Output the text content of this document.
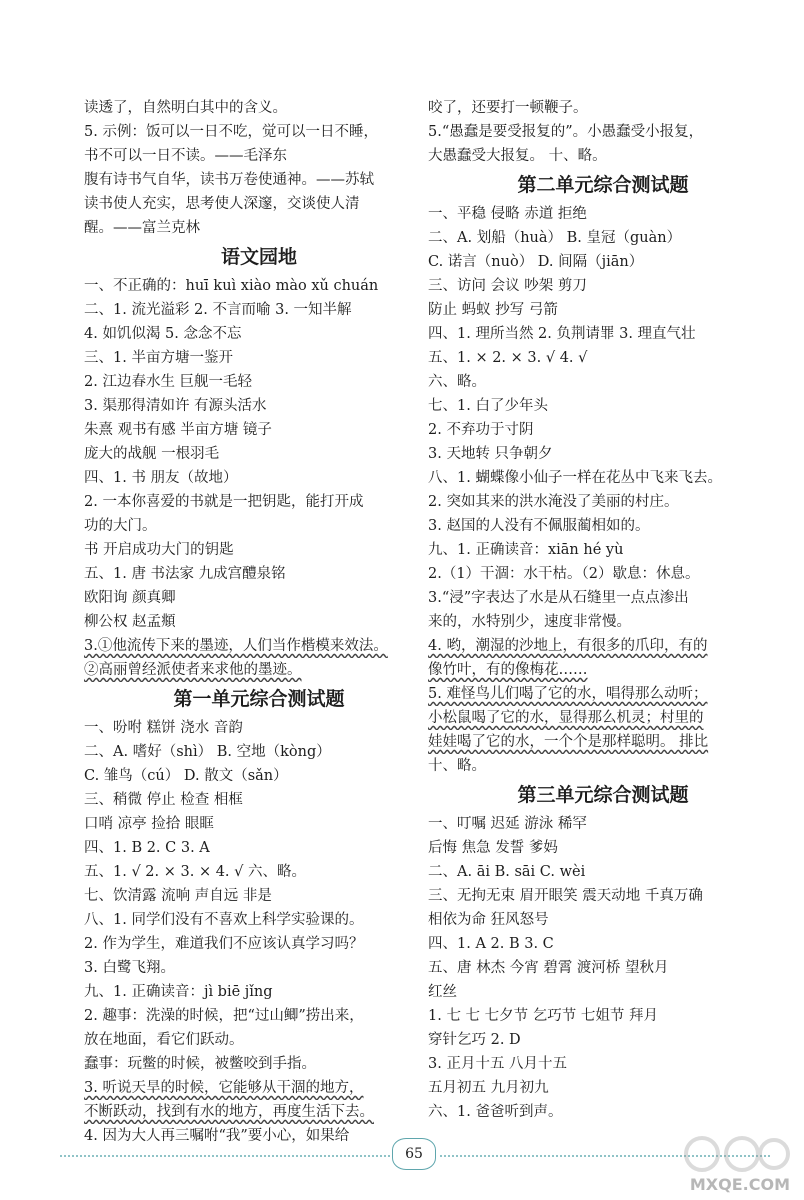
读透了，自然明白其中的含义。
5. 示例：饭可以一日不吃，觉可以一日不睡，
书不可以一日不读。——毛泽东
腹有诗书气自华，读书万卷使通神。——苏轼
读书使人充实，思考使人深邃，交谈使人清
醒。——富兰克林
语文园地
一、不正确的：huī kuì xiào mào xǔ chuán
二、1. 流光溢彩 2. 不言而喻 3. 一知半解
4. 如饥似渴 5. 念念不忘
三、1. 半亩方塘一鉴开
2. 江边春水生 巨舰一毛轻
3. 渠那得清如许 有源头活水
朱熹 观书有感 半亩方塘 镜子
庞大的战舰 一根羽毛
四、1. 书 朋友（故地）
2. 一本你喜爱的书就是一把钥匙，能打开成
功的大门。
书 开启成功大门的钥匙
五、1. 唐 书法家 九成宫醴泉铭
欧阳询 颜真卿
柳公权 赵孟頫
3.①他流传下来的墨迹，人们当作楷模来效法。
②高丽曾经派使者来求他的墨迹。
第一单元综合测试题
一、吩咐 糕饼 浇水 音韵
二、A. 嗜好（shì） B. 空地（kòng）
C. 雏鸟（cú） D. 散文（sǎn）
三、稍微 停止 检查 相框
口哨 凉亭 捡拾 眼眶
四、1. B 2. C 3. A
五、1. √ 2. × 3. × 4. √ 六、略。
七、饮清露 流响 声自远 非是
八、1. 同学们没有不喜欢上科学实验课的。
2. 作为学生，难道我们不应该认真学习吗？
3. 白鹭飞翔。
九、1. 正确读音：jì biē jǐng
2. 趣事：洗澡的时候，把“过山鲫”捞出来，
放在地面，看它们跃动。
蠢事：玩鳖的时候，被鳖咬到手指。
3. 听说天旱的时候，它能够从干涸的地方，
不断跃动，找到有水的地方，再度生活下去。
4. 因为大人再三嘱咐“我”要小心，如果给
咬了，还要打一顿鞭子。
5.“愚蠢是要受报复的”。小愚蠢受小报复，
大愚蠢受大报复。 十、略。
第二单元综合测试题
一、平稳 侵略 赤道 拒绝
二、A. 划船（huà） B. 皇冠（guàn）
C. 诺言（nuò） D. 间隔（jiān）
三、访问 会议 吵架 剪刀
防止 蚂蚁 抄写 弓箭
四、1. 理所当然 2. 负荆请罪 3. 理直气壮
五、1. × 2. × 3. √ 4. √
六、略。
七、1. 白了少年头
2. 不弃功于寸阴
3. 天地转 只争朝夕
八、1. 蝴蝶像小仙子一样在花丛中飞来飞去。
2. 突如其来的洪水淹没了美丽的村庄。
3. 赵国的人没有不佩服蔺相如的。
九、1. 正确读音：xiān hé yù
2.（1）干涸：水干枯。（2）歇息：休息。
3.“浸”字表达了水是从石缝里一点点渗出
来的，水特别少，速度非常慢。
4. 哟，潮湿的沙地上，有很多的爪印，有的
像竹叶，有的像梅花……
5. 难怪鸟儿们喝了它的水，唱得那么动听；
小松鼠喝了它的水，显得那么机灵；村里的
娃娃喝了它的水，一个个是那样聪明。 排比
十、略。
第三单元综合测试题
一、叮嘱 迟延 游泳 稀罕
后悔 焦急 发誓 爹妈
二、A. āi B. sāi C. wèi
三、无拘无束 眉开眼笑 震天动地 千真万确
相依为命 狂风怒号
四、1. A 2. B 3. C
五、唐 林杰 今宵 碧霄 渡河桥 望秋月
红丝
1. 七 七 七夕节 乞巧节 七姐节 拜月
穿针乞巧 2. D
3. 正月十五 八月十五
五月初五 九月初九
六、1. 爸爸听到声。
65
MXQE.COM
